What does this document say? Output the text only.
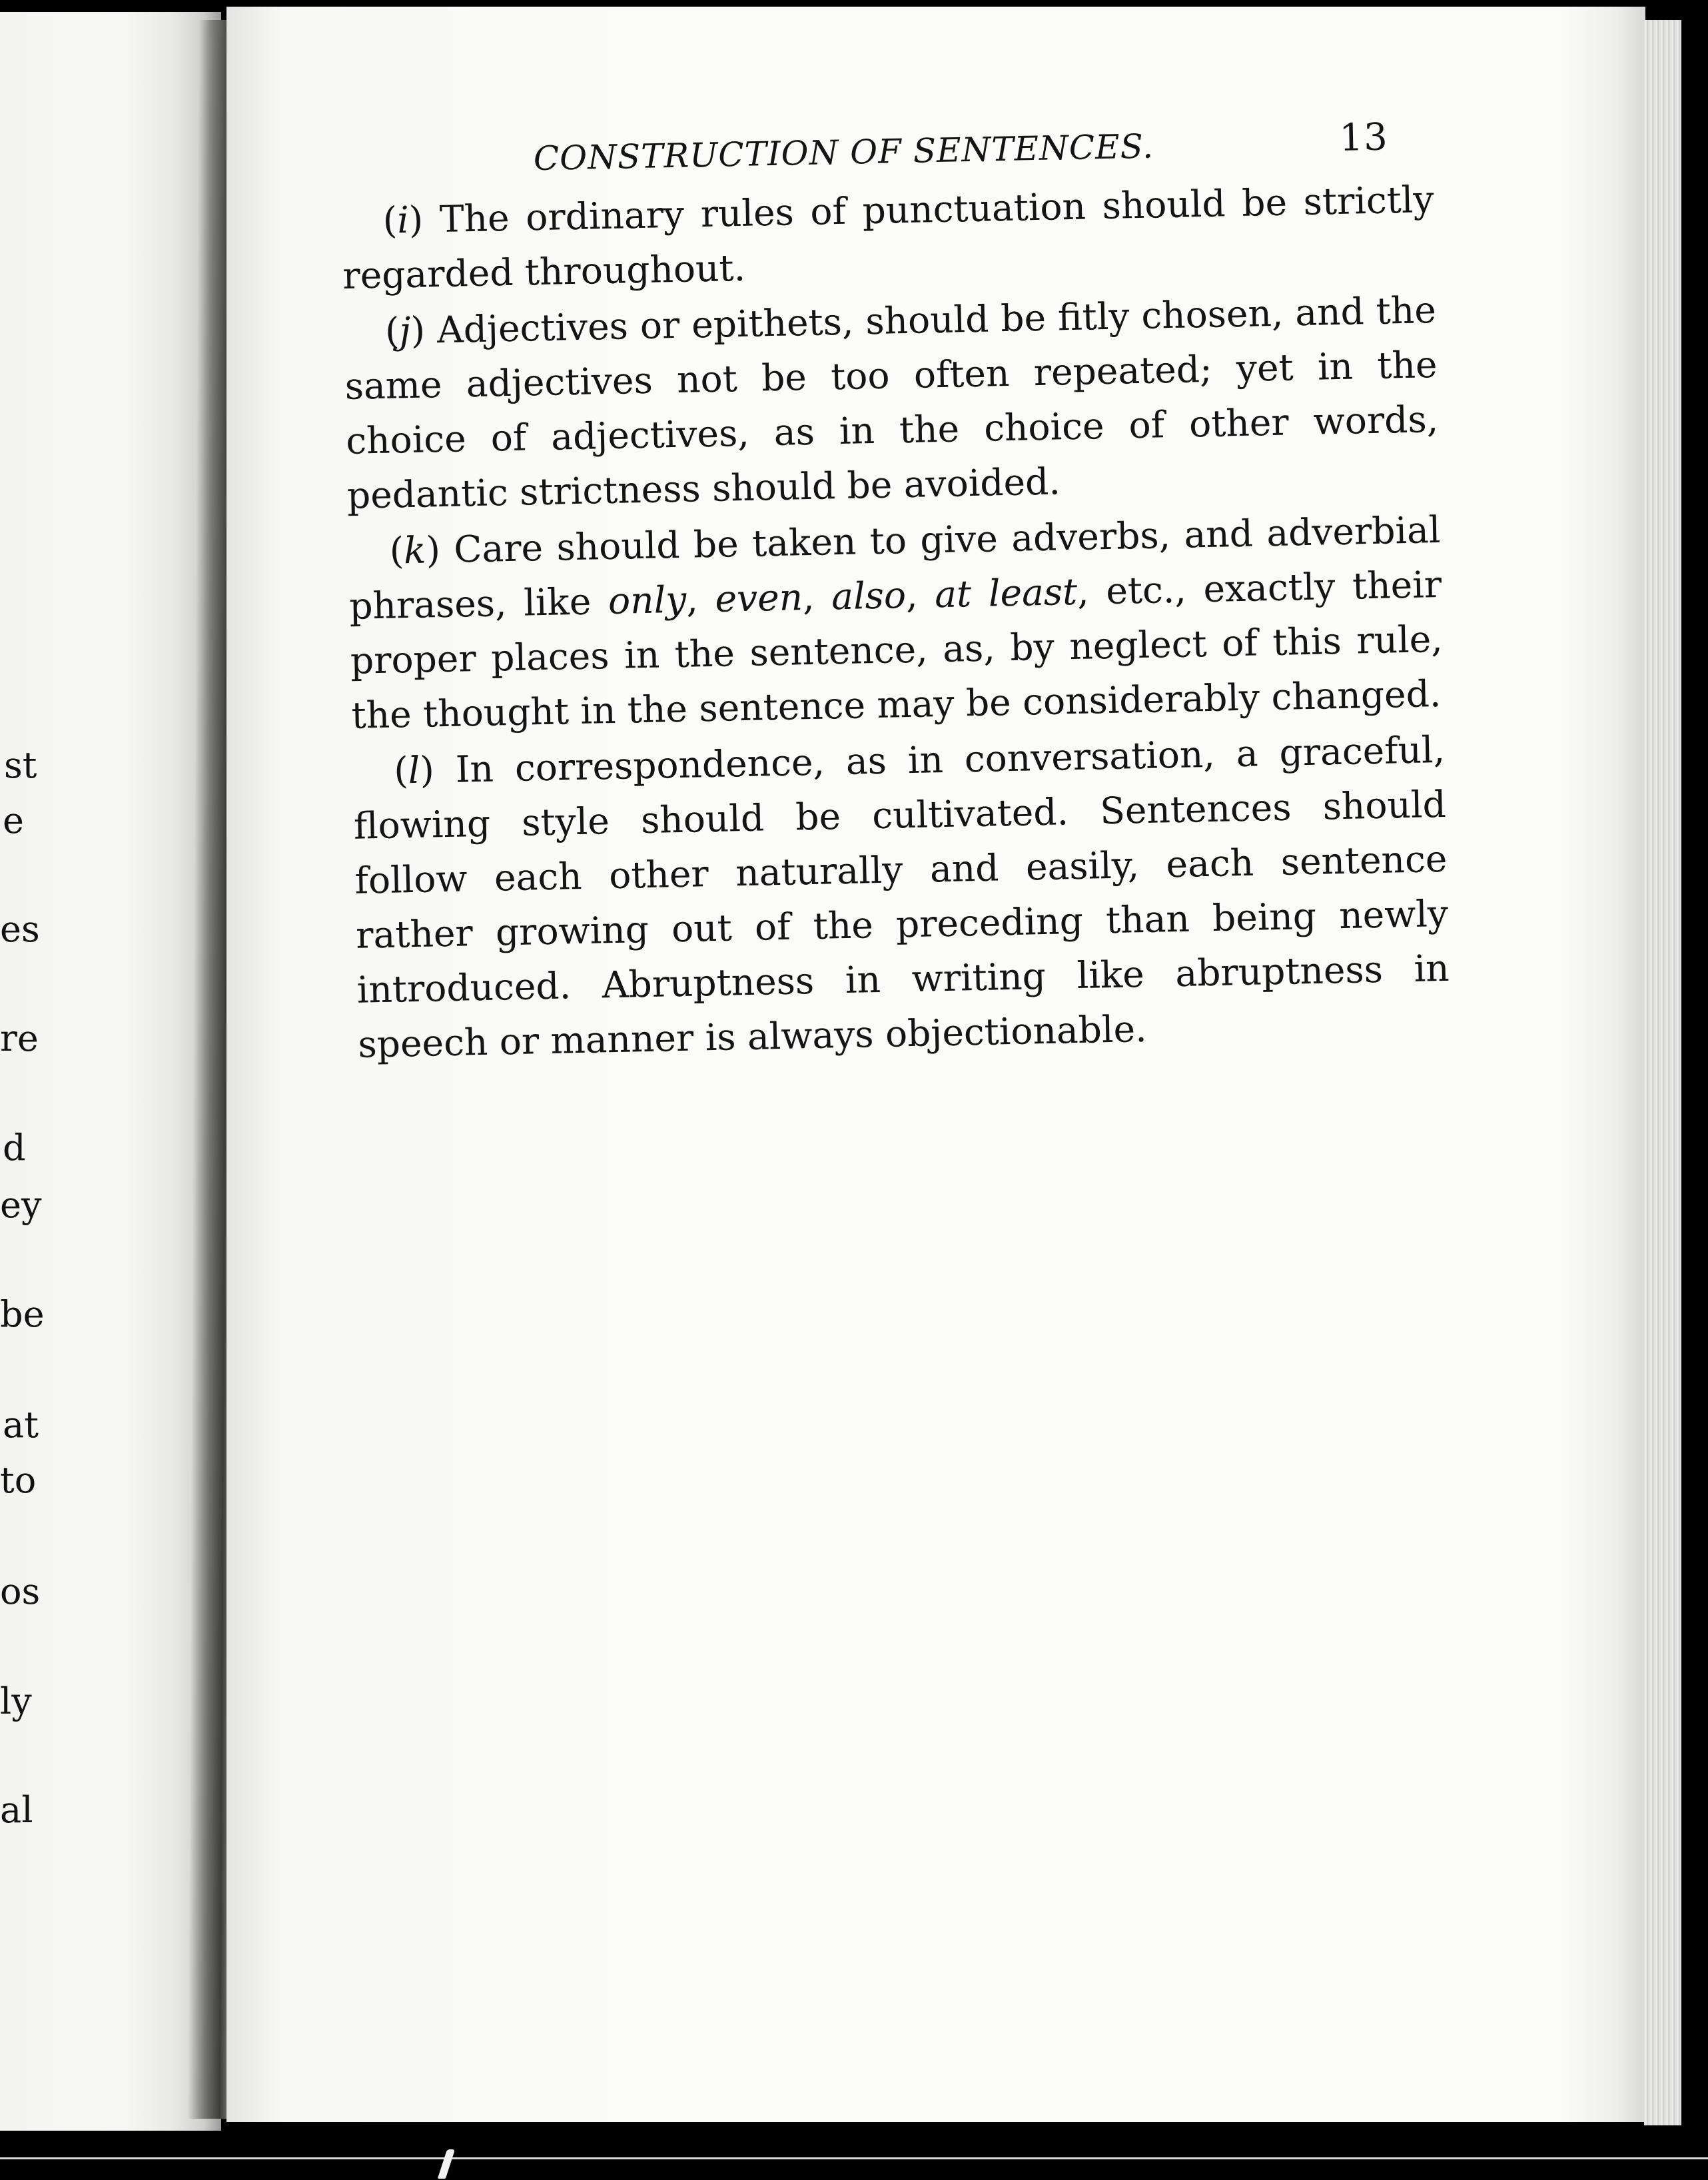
st
e
es
re
d
ey
be
at
to
os
ly
al
CONSTRUCTION OF SENTENCES.	13

(i) The ordinary rules of punctuation should be strictly regarded throughout.

(j) Adjectives or epithets, should be fitly chosen, and the same adjectives not be too often repeated; yet in the choice of adjectives, as in the choice of other words, pedantic strictness should be avoided.

(k) Care should be taken to give adverbs, and adverbial phrases, like only, even, also, at least, etc., exactly their proper places in the sentence, as, by neglect of this rule, the thought in the sentence may be considerably changed.

(l) In correspondence, as in conversation, a graceful, flowing style should be cultivated. Sentences should follow each other naturally and easily, each sentence rather growing out of the preceding than being newly introduced. Abruptness in writing like abruptness in speech or manner is always objectionable.
